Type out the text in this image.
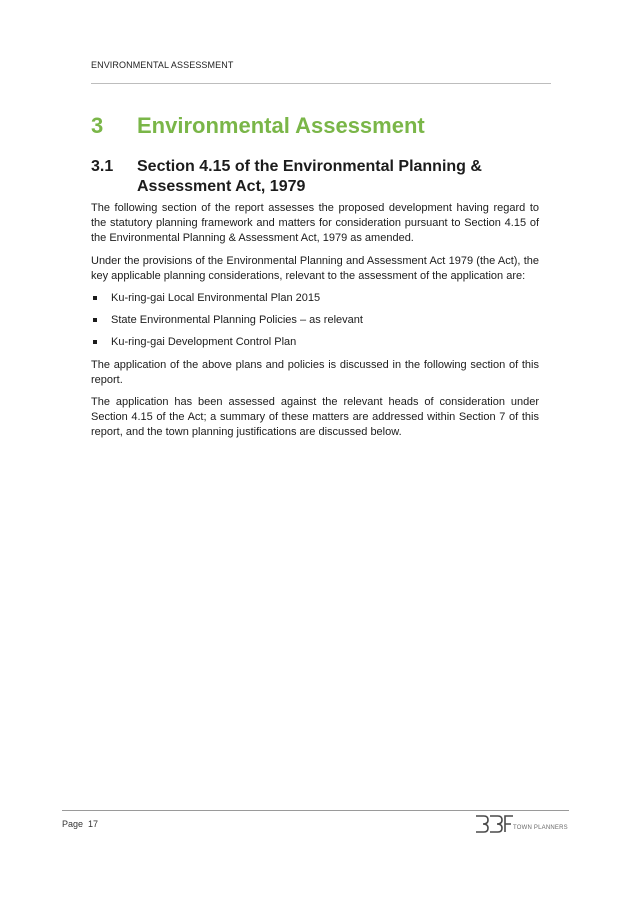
ENVIRONMENTAL ASSESSMENT
3 Environmental Assessment
3.1 Section 4.15 of the Environmental Planning & Assessment Act, 1979

The following section of the report assesses the proposed development having regard to the statutory planning framework and matters for consideration pursuant to Section 4.15 of the Environmental Planning & Assessment Act, 1979 as amended.

Under the provisions of the Environmental Planning and Assessment Act 1979 (the Act), the key applicable planning considerations, relevant to the assessment of the application are:

Ku-ring-gai Local Environmental Plan 2015
State Environmental Planning Policies – as relevant
Ku-ring-gai Development Control Plan

The application of the above plans and policies is discussed in the following section of this report.

The application has been assessed against the relevant heads of consideration under Section 4.15 of the Act; a summary of these matters are addressed within Section 7 of this report, and the town planning justifications are discussed below.

Page 17	TOWN PLANNERS
